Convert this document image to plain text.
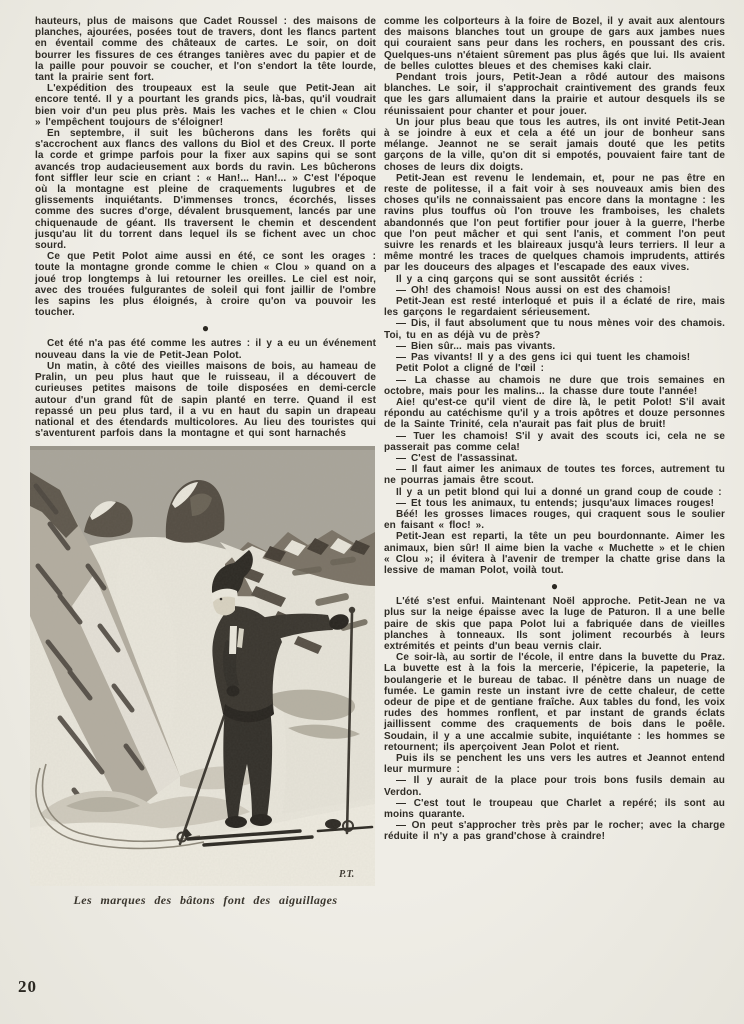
hauteurs, plus de maisons que Cadet Roussel : des maisons de planches, ajourées, posées tout de travers, dont les flancs partent en éventail comme des châteaux de cartes. Le soir, on doit bourrer les fissures de ces étranges tanières avec du papier et de la paille pour pouvoir se coucher, et l'on s'endort la tête lourde, tant la prairie sent fort.

L'expédition des troupeaux est la seule que Petit-Jean ait encore tenté. Il y a pourtant les grands pics, là-bas, qu'il voudrait bien voir d'un peu plus près. Mais les vaches et le chien « Clou » l'empêchent toujours de s'éloigner!

En septembre, il suit les bûcherons dans les forêts qui s'accrochent aux flancs des vallons du Biol et des Creux. Il porte la corde et grimpe parfois pour la fixer aux sapins qui se sont avancés trop audacieusement aux bords du ravin. Les bûcherons font siffler leur scie en criant : « Han!... Han!... » C'est l'époque où la montagne est pleine de craquements lugubres et de glissements inquiétants. D'immenses troncs, écorchés, lisses comme des sucres d'orge, dévalent brusquement, lancés par une chiquenaude de géant. Ils traversent le chemin et descendent jusqu'au lit du torrent dans lequel ils se fichent avec un choc sourd.

Ce que Petit Polot aime aussi en été, ce sont les orages : toute la montagne gronde comme le chien « Clou » quand on a joué trop longtemps à lui retourner les oreilles. Le ciel est noir, avec des trouées fulgurantes de soleil qui font jaillir de l'ombre les sapins les plus éloignés, à croire qu'on va pouvoir les toucher.

●

Cet été n'a pas été comme les autres : il y a eu un événement nouveau dans la vie de Petit-Jean Polot.

Un matin, à côté des vieilles maisons de bois, au hameau de Pralin, un peu plus haut que le ruisseau, il a découvert de curieuses petites maisons de toile disposées en demi-cercle autour d'un grand fût de sapin planté en terre. Quand il est repassé un peu plus tard, il a vu en haut du sapin un drapeau national et des étendards multicolores. Au lieu des touristes qui s'aventurent parfois dans la montagne et qui sont harnachés

P.T.
Les marques des bâtons font des aiguillages

comme les colporteurs à la foire de Bozel, il y avait aux alentours des maisons blanches tout un groupe de gars aux jambes nues qui couraient sans peur dans les rochers, en poussant des cris. Quelques-uns n'étaient sûrement pas plus âgés que lui. Ils avaient de belles culottes bleues et des chemises kaki clair.

Pendant trois jours, Petit-Jean a rôdé autour des maisons blanches. Le soir, il s'approchait craintivement des grands feux que les gars allumaient dans la prairie et autour desquels ils se réunissaient pour chanter et pour jouer.

Un jour plus beau que tous les autres, ils ont invité Petit-Jean à se joindre à eux et cela a été un jour de bonheur sans mélange. Jeannot ne se serait jamais douté que les petits garçons de la ville, qu'on dit si empotés, pouvaient faire tant de choses de leurs dix doigts.

Petit-Jean est revenu le lendemain, et, pour ne pas être en reste de politesse, il a fait voir à ses nouveaux amis bien des choses qu'ils ne connaissaient pas encore dans la montagne : les ravins plus touffus où l'on trouve les framboises, les chalets abandonnés que l'on peut fortifier pour jouer à la guerre, l'herbe que l'on peut mâcher et qui sent l'anis, et comment l'on peut suivre les renards et les blaireaux jusqu'à leurs terriers. Il leur a même montré les traces de quelques chamois imprudents, attirés par les douceurs des alpages et l'escapade des eaux vives.

Il y a cinq garçons qui se sont aussitôt écriés :

— Oh! des chamois! Nous aussi on est des chamois!

Petit-Jean est resté interloqué et puis il a éclaté de rire, mais les garçons le regardaient sérieusement.

— Dis, il faut absolument que tu nous mènes voir des chamois. Toi, tu en as déjà vu de près?

— Bien sûr... mais pas vivants.

— Pas vivants! Il y a des gens ici qui tuent les chamois!

Petit Polot a cligné de l'œil :

— La chasse au chamois ne dure que trois semaines en octobre, mais pour les malins... la chasse dure toute l'année!

Aie! qu'est-ce qu'il vient de dire là, le petit Polot! S'il avait répondu au catéchisme qu'il y a trois apôtres et douze personnes de la Sainte Trinité, cela n'aurait pas fait plus de bruit!

— Tuer les chamois! S'il y avait des scouts ici, cela ne se passerait pas comme cela!

— C'est de l'assassinat.

— Il faut aimer les animaux de toutes tes forces, autrement tu ne pourras jamais être scout.

Il y a un petit blond qui lui a donné un grand coup de coude :

— Et tous les animaux, tu entends; jusqu'aux limaces rouges!

Béé! les grosses limaces rouges, qui craquent sous le soulier en faisant « floc! ».

Petit-Jean est reparti, la tête un peu bourdonnante. Aimer les animaux, bien sûr! Il aime bien la vache « Muchette » et le chien « Clou »; il évitera à l'avenir de tremper la chatte grise dans la lessive de maman Polot, voilà tout.

●

L'été s'est enfui. Maintenant Noël approche. Petit-Jean ne va plus sur la neige épaisse avec la luge de Paturon. Il a une belle paire de skis que papa Polot lui a fabriquée dans de vieilles planches à tonneaux. Ils sont joliment recourbés à leurs extrémités et peints d'un beau vernis clair.

Ce soir-là, au sortir de l'école, il entre dans la buvette du Praz. La buvette est à la fois la mercerie, l'épicerie, la papeterie, la boulangerie et le bureau de tabac. Il pénètre dans un nuage de fumée. Le gamin reste un instant ivre de cette chaleur, de cette odeur de pipe et de gentiane fraîche. Aux tables du fond, les voix rudes des hommes ronflent, et par instant de grands éclats jaillissent comme des craquements de bois dans le poêle. Soudain, il y a une accalmie subite, inquiétante : les hommes se retournent; ils aperçoivent Jean Polot et rient.

Puis ils se penchent les uns vers les autres et Jeannot entend leur murmure :

— Il y aurait de la place pour trois bons fusils demain au Verdon.

— C'est tout le troupeau que Charlet a repéré; ils sont au moins quarante.

— On peut s'approcher très près par le rocher; avec la charge réduite il n'y a pas grand'chose à craindre!

20
